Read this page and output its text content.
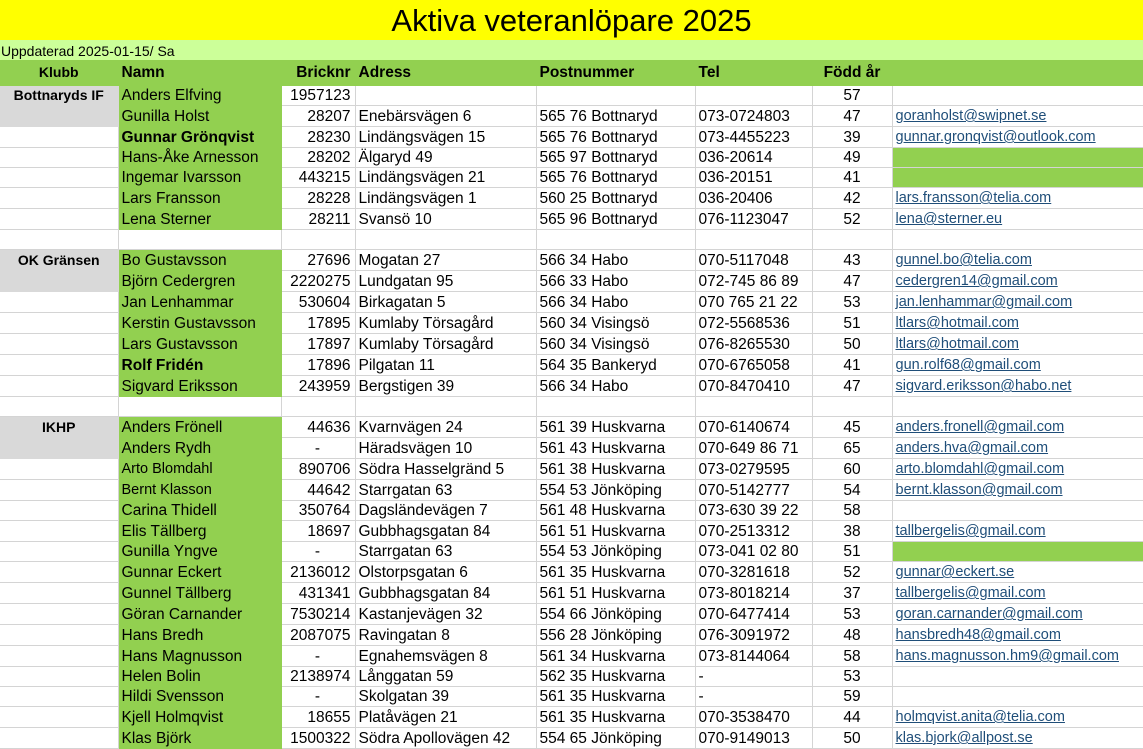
Aktiva veteranlöpare 2025
Uppdaterad 2025-01-15/ Sa
Klubb	Namn	Bricknr	Adress	Postnummer	Tel	Född år	
Bottnaryds IF	Anders Elfving	1957123				57	
	Gunilla Holst	28207	Enebärsvägen 6	565 76 Bottnaryd	073-0724803	47	goranholst@swipnet.se
	Gunnar Grönqvist	28230	Lindängsvägen 15	565 76 Bottnaryd	073-4455223	39	gunnar.gronqvist@outlook.com
	Hans-Åke Arnesson	28202	Älgaryd 49	565 97 Bottnaryd	036-20614	49	
	Ingemar Ivarsson	443215	Lindängsvägen 21	565 76 Bottnaryd	036-20151	41	
	Lars Fransson	28228	Lindängsvägen 1	560 25 Bottnaryd	036-20406	42	lars.fransson@telia.com
	Lena Sterner	28211	Svansö 10	565 96 Bottnaryd	076-1123047	52	lena@sterner.eu

OK Gränsen	Bo Gustavsson	27696	Mogatan 27	566 34 Habo	070-5117048	43	gunnel.bo@telia.com
	Björn Cedergren	2220275	Lundgatan 95	566 33 Habo	072-745 86 89	47	cedergren14@gmail.com
	Jan Lenhammar	530604	Birkagatan 5	566 34 Habo	070 765 21 22	53	jan.lenhammar@gmail.com
	Kerstin Gustavsson	17895	Kumlaby Törsagård	560 34 Visingsö	072-5568536	51	ltlars@hotmail.com
	Lars Gustavsson	17897	Kumlaby Törsagård	560 34 Visingsö	076-8265530	50	ltlars@hotmail.com
	Rolf Fridén	17896	Pilgatan 11	564 35 Bankeryd	070-6765058	41	gun.rolf68@gmail.com
	Sigvard Eriksson	243959	Bergstigen 39	566 34 Habo	070-8470410	47	sigvard.eriksson@habo.net

IKHP	Anders Frönell	44636	Kvarnvägen 24	561 39 Huskvarna	070-6140674	45	anders.fronell@gmail.com
	Anders Rydh	-	Häradsvägen 10	561 43 Huskvarna	070-649 86 71	65	anders.hva@gmail.com
	Arto Blomdahl	890706	Södra Hasselgränd 5	561 38 Huskvarna	073-0279595	60	arto.blomdahl@gmail.com
	Bernt Klasson	44642	Starrgatan 63	554 53 Jönköping	070-5142777	54	bernt.klasson@gmail.com
	Carina Thidell	350764	Dagsländevägen 7	561 48 Huskvarna	073-630 39 22	58	
	Elis Tällberg	18697	Gubbhagsgatan 84	561 51 Huskvarna	070-2513312	38	tallbergelis@gmail.com
	Gunilla Yngve	-	Starrgatan 63	554 53 Jönköping	073-041 02 80	51	
	Gunnar Eckert	2136012	Olstorpsgatan 6	561 35 Huskvarna	070-3281618	52	gunnar@eckert.se
	Gunnel Tällberg	431341	Gubbhagsgatan 84	561 51 Huskvarna	073-8018214	37	tallbergelis@gmail.com
	Göran Carnander	7530214	Kastanjevägen 32	554 66 Jönköping	070-6477414	53	goran.carnander@gmail.com
	Hans Bredh	2087075	Ravingatan 8	556 28 Jönköping	076-3091972	48	hansbredh48@gmail.com
	Hans Magnusson	-	Egnahemsvägen 8	561 34 Huskvarna	073-8144064	58	hans.magnusson.hm9@gmail.com
	Helen Bolin	2138974	Långgatan 59	562 35 Huskvarna	-	53	
	Hildi Svensson	-	Skolgatan 39	561 35 Huskvarna	-	59	
	Kjell Holmqvist	18655	Platåvägen 21	561 35 Huskvarna	070-3538470	44	holmqvist.anita@telia.com
	Klas Björk	1500322	Södra Apollovägen 42	554 65 Jönköping	070-9149013	50	klas.bjork@allpost.se
